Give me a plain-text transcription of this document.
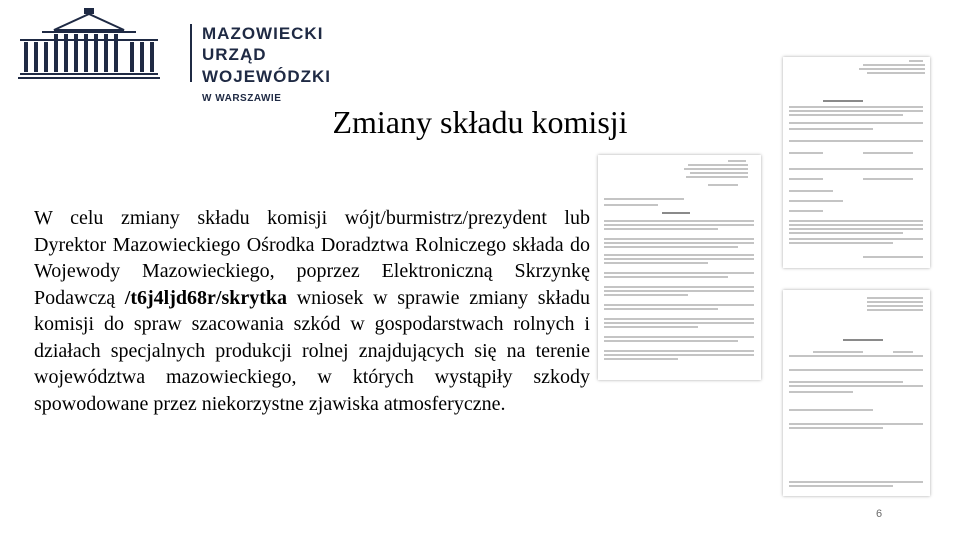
MAZOWIECKI
URZĄD WOJEWÓDZKI
W WARSZAWIE
Zmiany składu komisji

W celu zmiany składu komisji wójt/burmistrz/prezydent lub Dyrektor Mazowieckiego Ośrodka Doradztwa Rolniczego składa do Wojewody Mazowieckiego, poprzez Elektroniczną Skrzynkę Podawczą /t6j4ljd68r/skrytka wniosek w sprawie zmiany składu komisji do spraw szacowania szkód w gospodarstwach rolnych i działach specjalnych produkcji rolnej znajdujących się na terenie województwa mazowieckiego, w których wystąpiły szkody spowodowane przez niekorzystne zjawiska atmosferyczne.

6
